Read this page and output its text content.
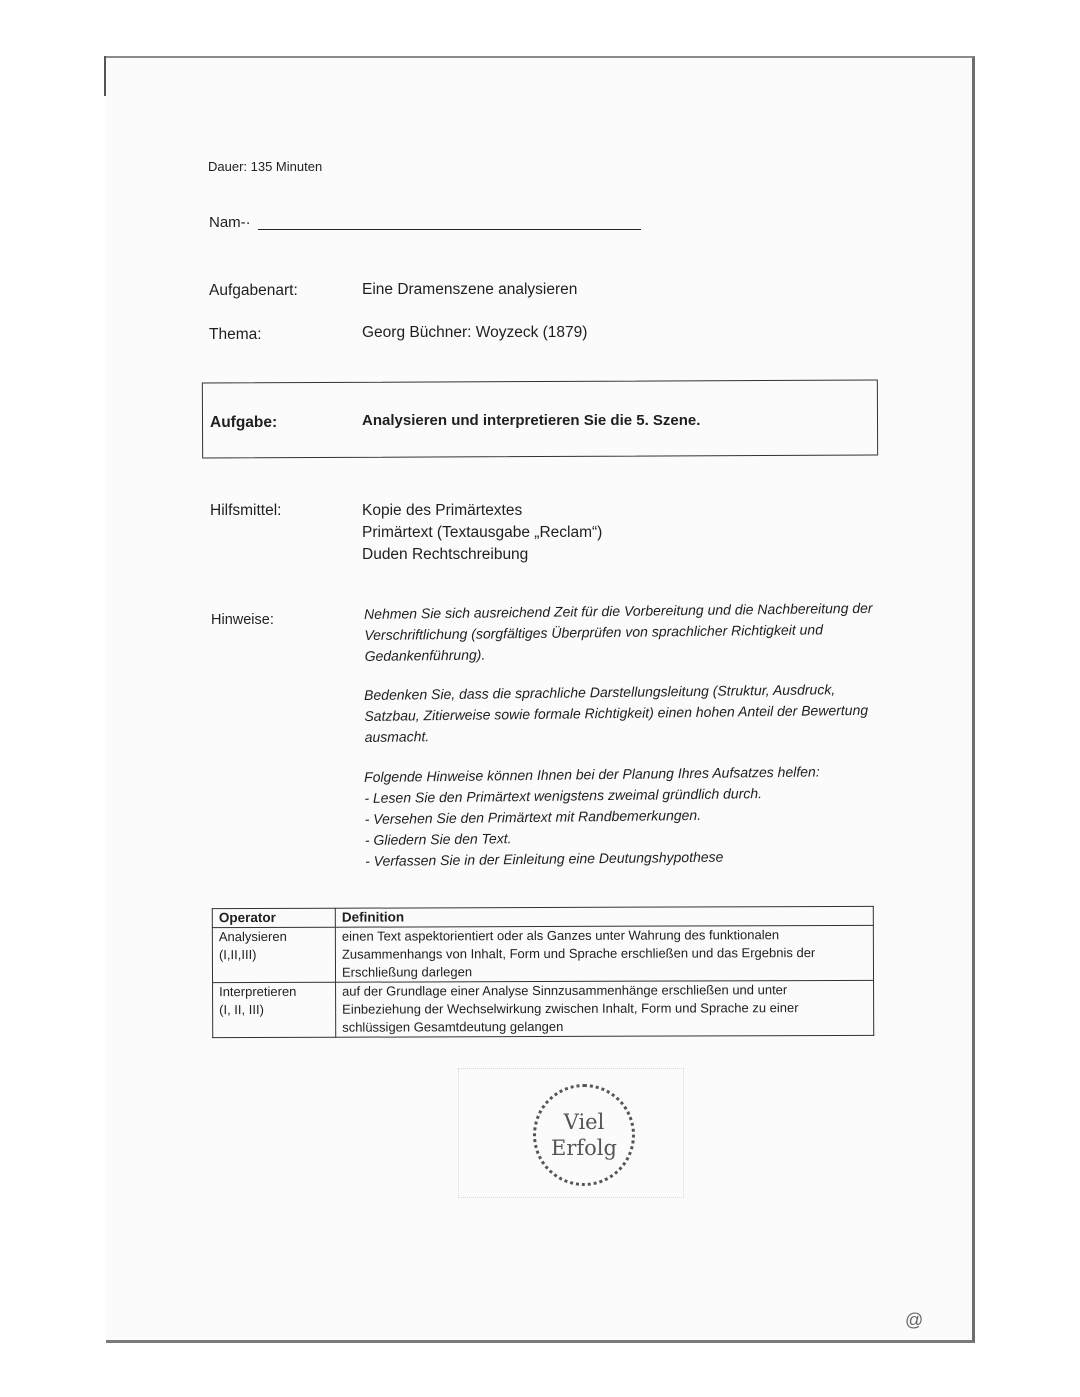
Dauer: 135 Minuten
Nam-·
Aufgabenart:	Eine Dramenszene analysieren
Thema:	Georg Büchner: Woyzeck (1879)
Aufgabe:	Analysieren und interpretieren Sie die 5. Szene.
Hilfsmittel:	Kopie des Primärtextes
Primärtext (Textausgabe „Reclam“)
Duden Rechtschreibung
Hinweise:	Nehmen Sie sich ausreichend Zeit für die Vorbereitung und die Nachbereitung der Verschriftlichung (sorgfältiges Überprüfen von sprachlicher Richtigkeit und Gedankenführung).

Bedenken Sie, dass die sprachliche Darstellungsleitung (Struktur, Ausdruck, Satzbau, Zitierweise sowie formale Richtigkeit) einen hohen Anteil der Bewertung ausmacht.

Folgende Hinweise können Ihnen bei der Planung Ihres Aufsatzes helfen:

- Lesen Sie den Primärtext wenigstens zweimal gründlich durch.

- Versehen Sie den Primärtext mit Randbemerkungen.

- Gliedern Sie den Text.

- Verfassen Sie in der Einleitung eine Deutungshypothese

Operator	Definition

Analysieren
(I,II,III)	einen Text aspektorientiert oder als Ganzes unter Wahrung des funktionalen Zusammenhangs von Inhalt, Form und Sprache erschließen und das Ergebnis der Erschließung darlegen

Interpretieren
(I, II, III)	auf der Grundlage einer Analyse Sinnzusammenhänge erschließen und unter Einbeziehung der Wechselwirkung zwischen Inhalt, Form und Sprache zu einer schlüssigen Gesamtdeutung gelangen
Viel
Erfolg
@
